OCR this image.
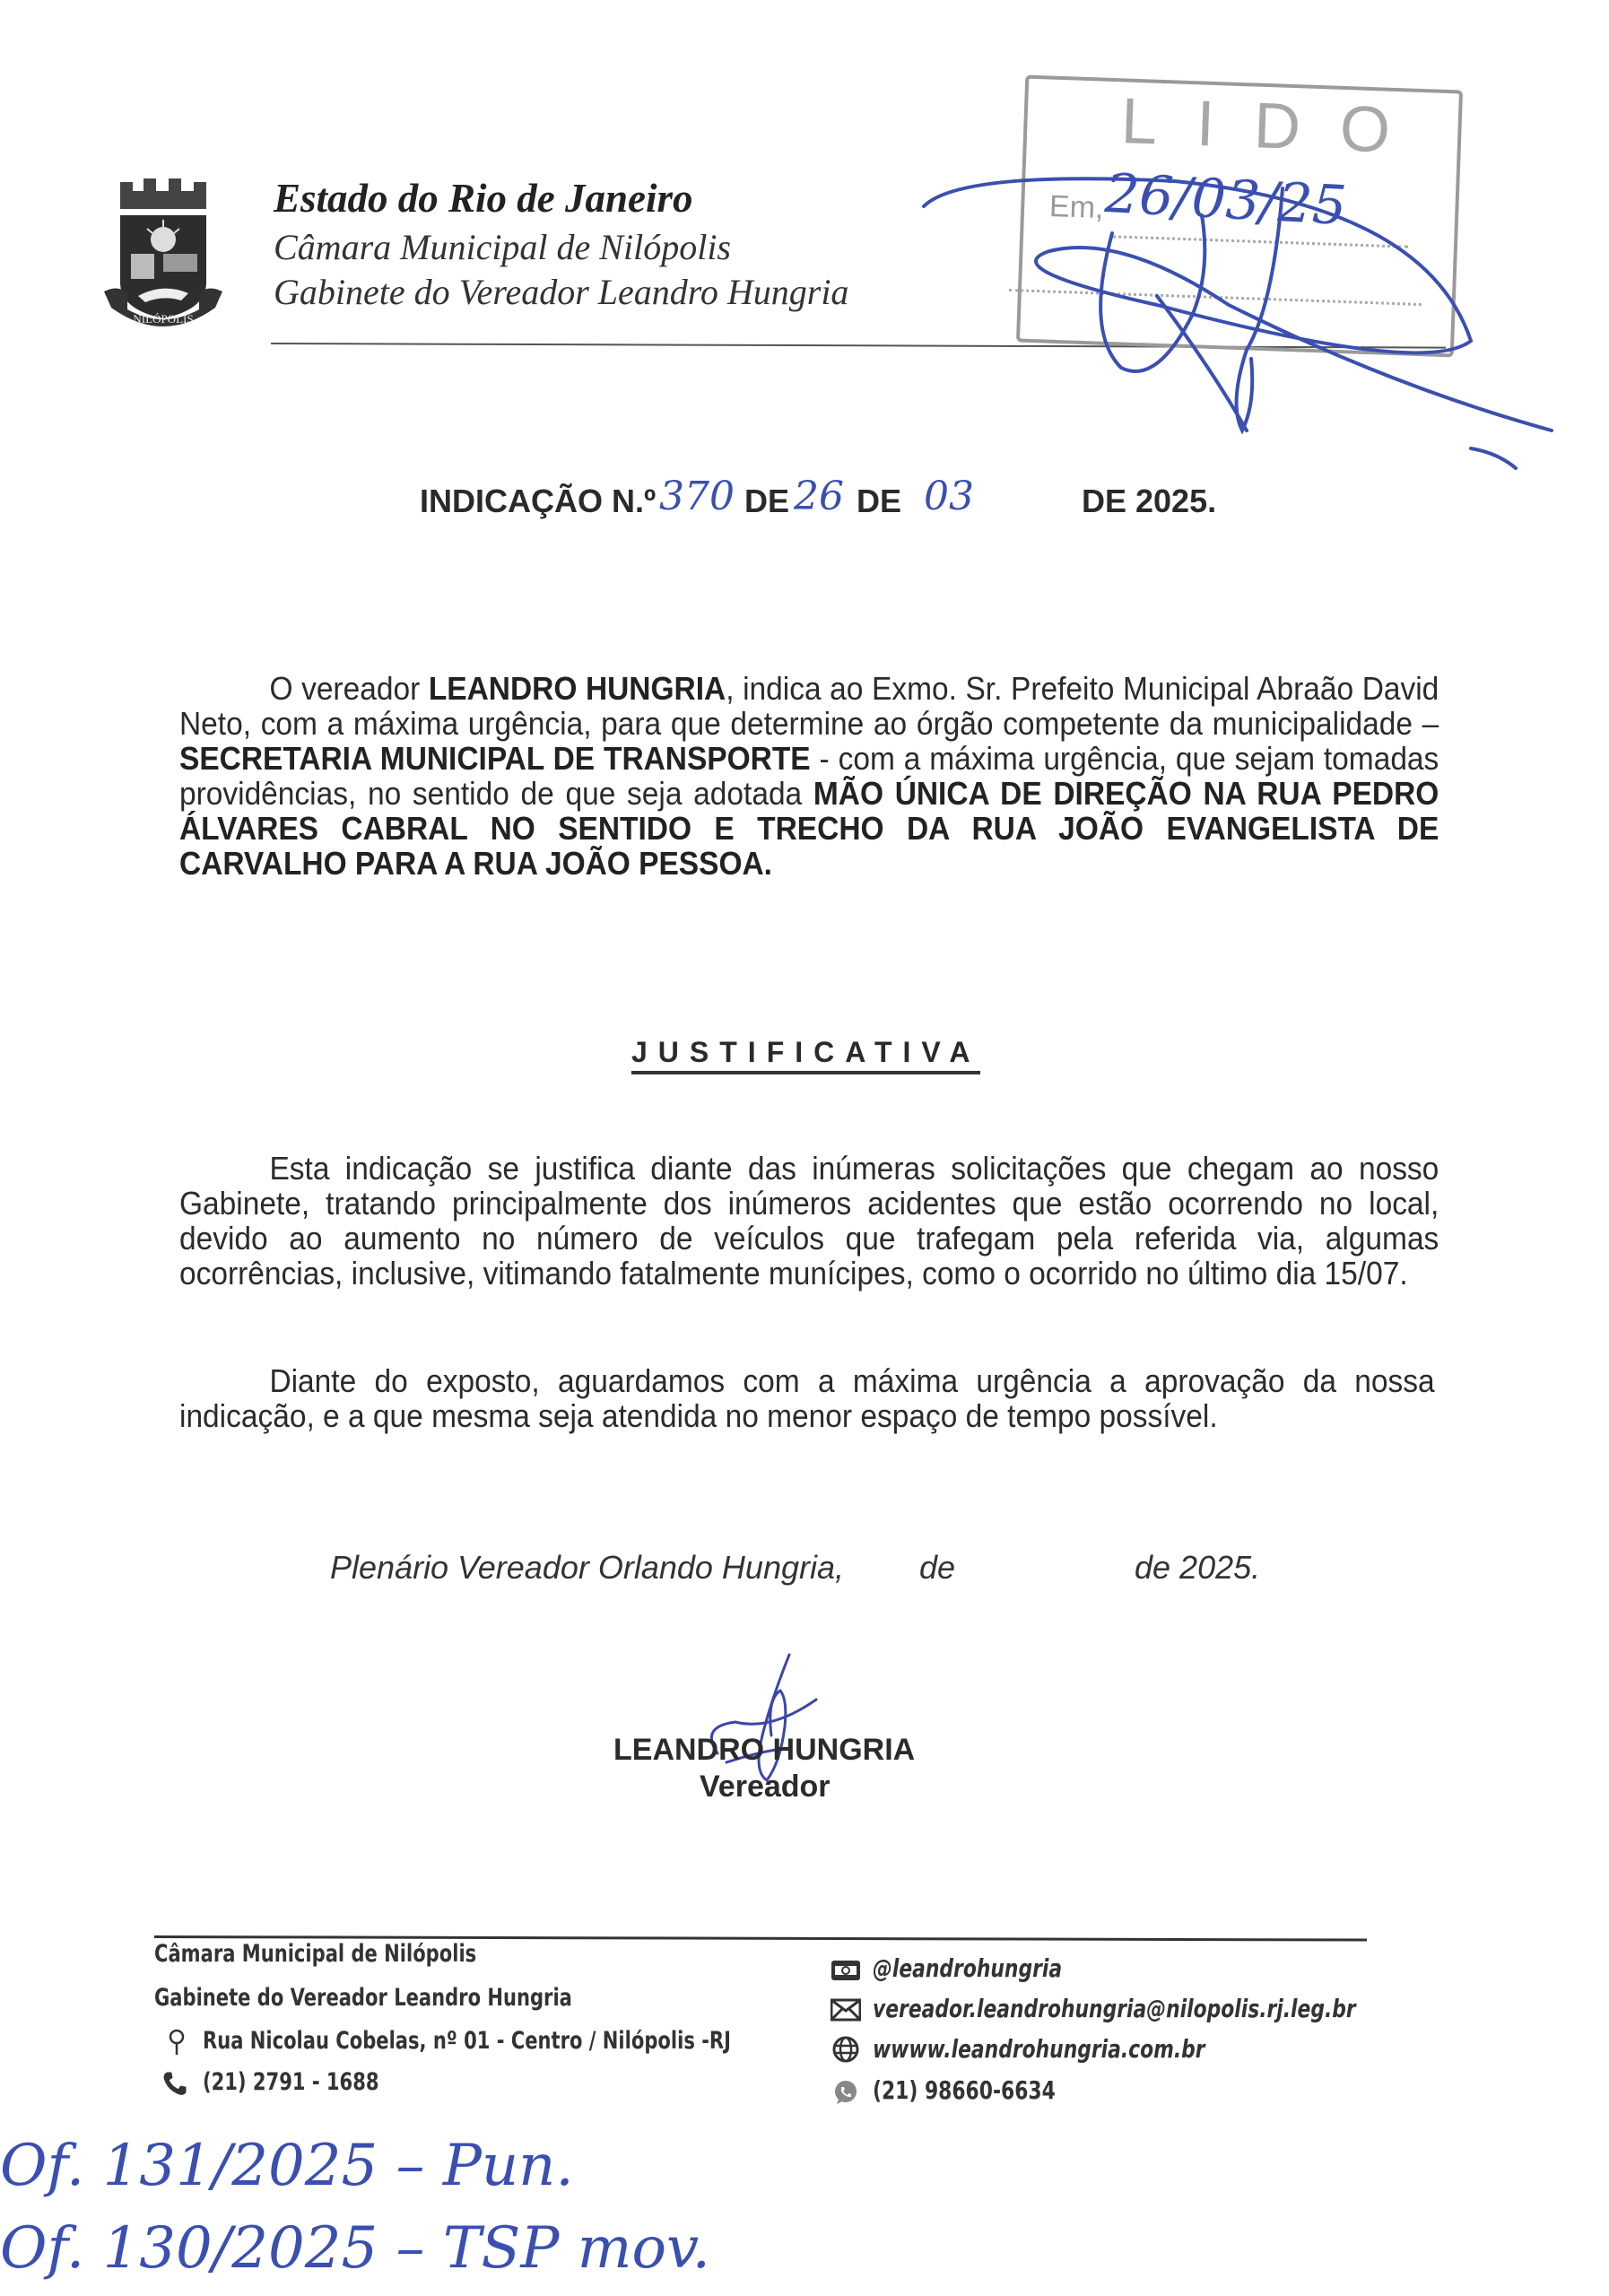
NILÓPOLIS
Estado do Rio de Janeiro
Câmara Municipal de Nilópolis
Gabinete do Vereador Leandro Hungria
LIDO
Em, 26/03/25
INDICAÇÃO N.º 370 DE 26 DE 03	DE 2025.
O vereador LEANDRO HUNGRIA, indica ao Exmo. Sr. Prefeito Municipal Abraão David Neto, com a máxima urgência, para que determine ao órgão competente da municipalidade – SECRETARIA MUNICIPAL DE TRANSPORTE - com a máxima urgência, que sejam tomadas providências, no sentido de que seja adotada MÃO ÚNICA DE DIREÇÃO NA RUA PEDRO ÁLVARES CABRAL NO SENTIDO E TRECHO DA RUA JOÃO EVANGELISTA DE CARVALHO PARA A RUA JOÃO PESSOA.
JUSTIFICATIVA
Esta indicação se justifica diante das inúmeras solicitações que chegam ao nosso Gabinete, tratando principalmente dos inúmeros acidentes que estão ocorrendo no local, devido ao aumento no número de veículos que trafegam pela referida via, algumas ocorrências, inclusive, vitimando fatalmente munícipes, como o ocorrido no último dia 15/07.
Diante do exposto, aguardamos com a máxima urgência a aprovação da nossa indicação, e a que mesma seja atendida no menor espaço de tempo possível.
Plenário Vereador Orlando Hungria, de	de 2025.
LEANDRO HUNGRIA
Vereador
Câmara Municipal de Nilópolis
Gabinete do Vereador Leandro Hungria
Rua Nicolau Cobelas, nº 01 - Centro / Nilópolis -RJ
(21) 2791 - 1688
@leandrohungria
vereador.leandrohungria@nilopolis.rj.leg.br
wwww.leandrohungria.com.br
(21) 98660-6634
Of. 131/2025 – Pun.
Of. 130/2025 – TSP mov.
